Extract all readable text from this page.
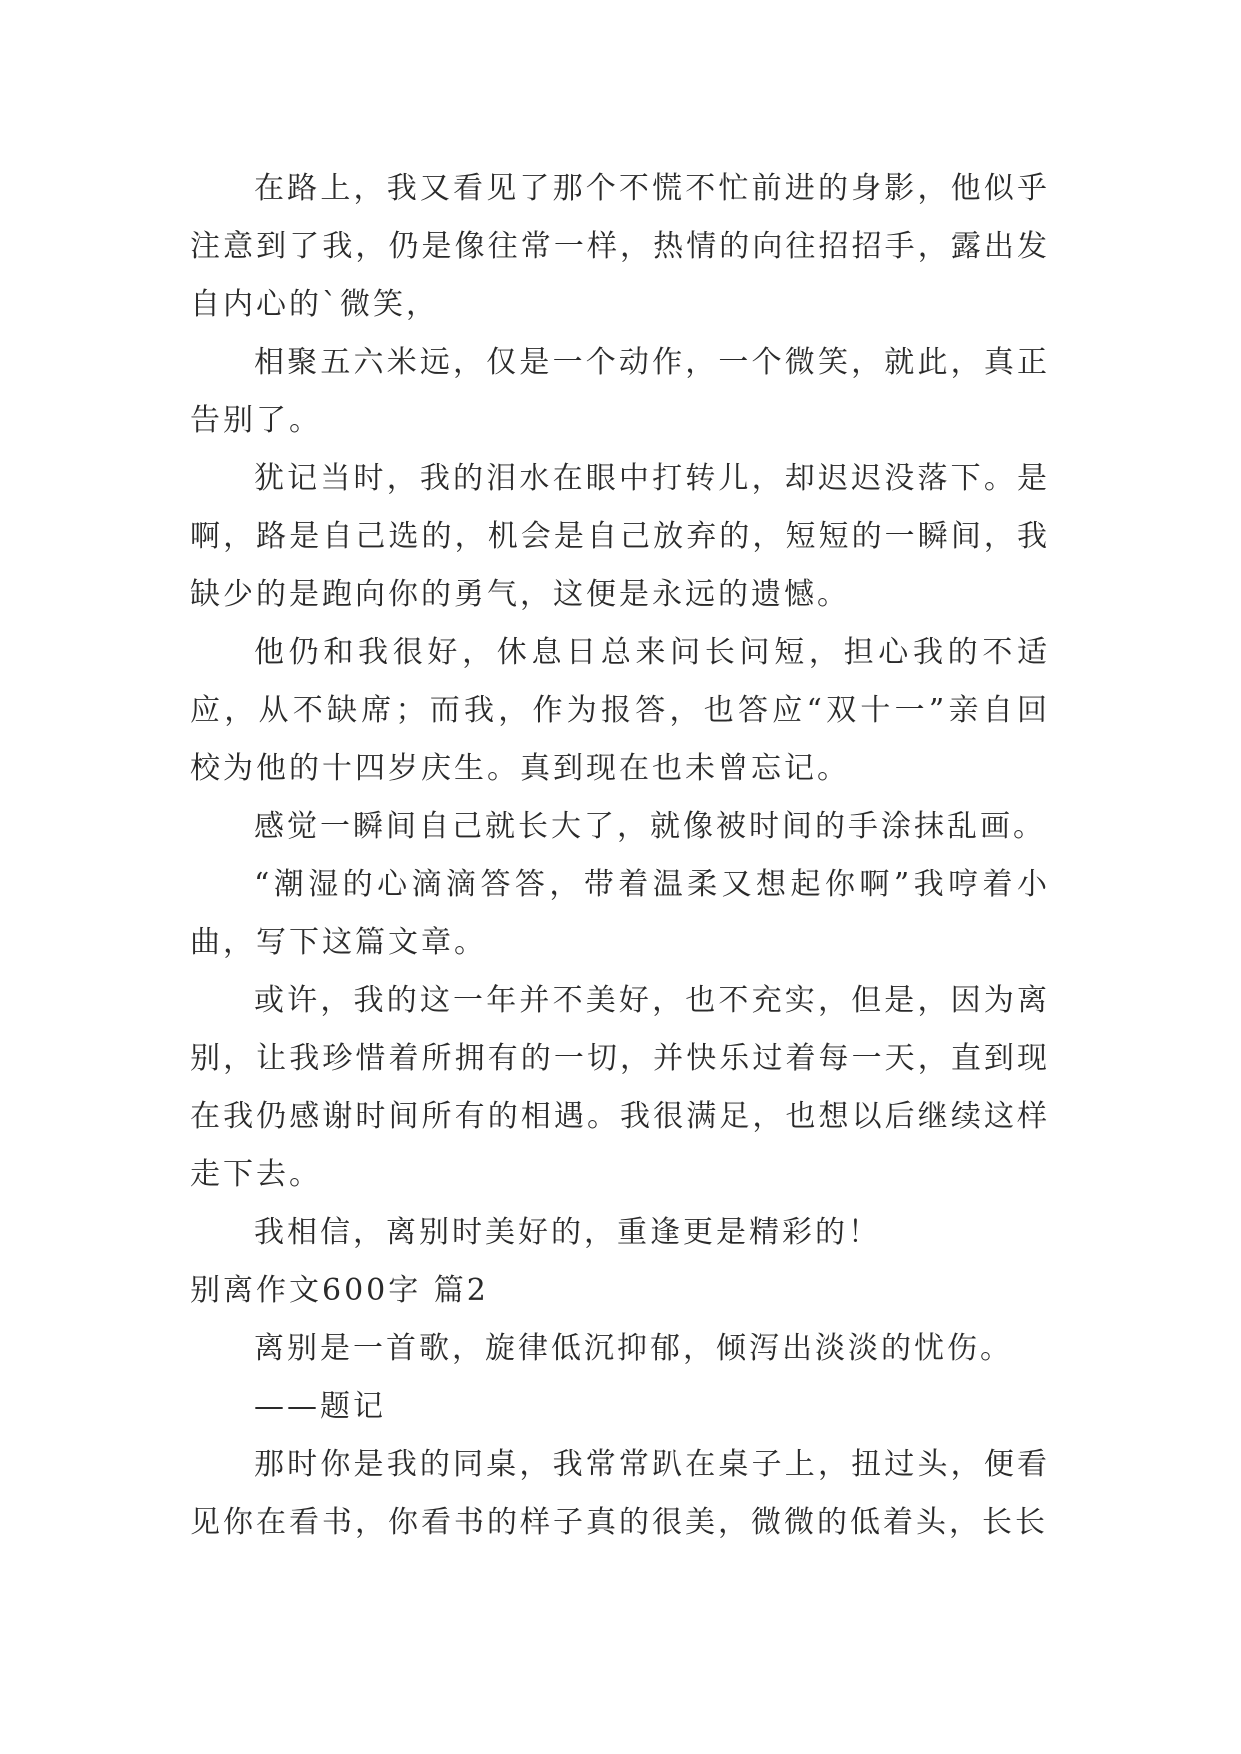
在路上，我又看见了那个不慌不忙前进的身影，他似乎注意到了我，仍是像往常一样，热情的向往招招手，露出发自内心的`微笑，

相聚五六米远，仅是一个动作，一个微笑，就此，真正告别了。

犹记当时，我的泪水在眼中打转儿，却迟迟没落下。是啊，路是自己选的，机会是自己放弃的，短短的一瞬间，我缺少的是跑向你的勇气，这便是永远的遗憾。

他仍和我很好，休息日总来问长问短，担心我的不适应，从不缺席；而我，作为报答，也答应“双十一”亲自回校为他的十四岁庆生。真到现在也未曾忘记。

感觉一瞬间自己就长大了，就像被时间的手涂抹乱画。

“潮湿的心滴滴答答，带着温柔又想起你啊”我哼着小曲，写下这篇文章。

或许，我的这一年并不美好，也不充实，但是，因为离别，让我珍惜着所拥有的一切，并快乐过着每一天，直到现在我仍感谢时间所有的相遇。我很满足，也想以后继续这样走下去。

我相信，离别时美好的，重逢更是精彩的！

别离作文600字 篇2

离别是一首歌，旋律低沉抑郁，倾泻出淡淡的忧伤。

——题记

那时你是我的同桌，我常常趴在桌子上，扭过头，便看见你在看书，你看书的样子真的很美，微微的低着头，长长
